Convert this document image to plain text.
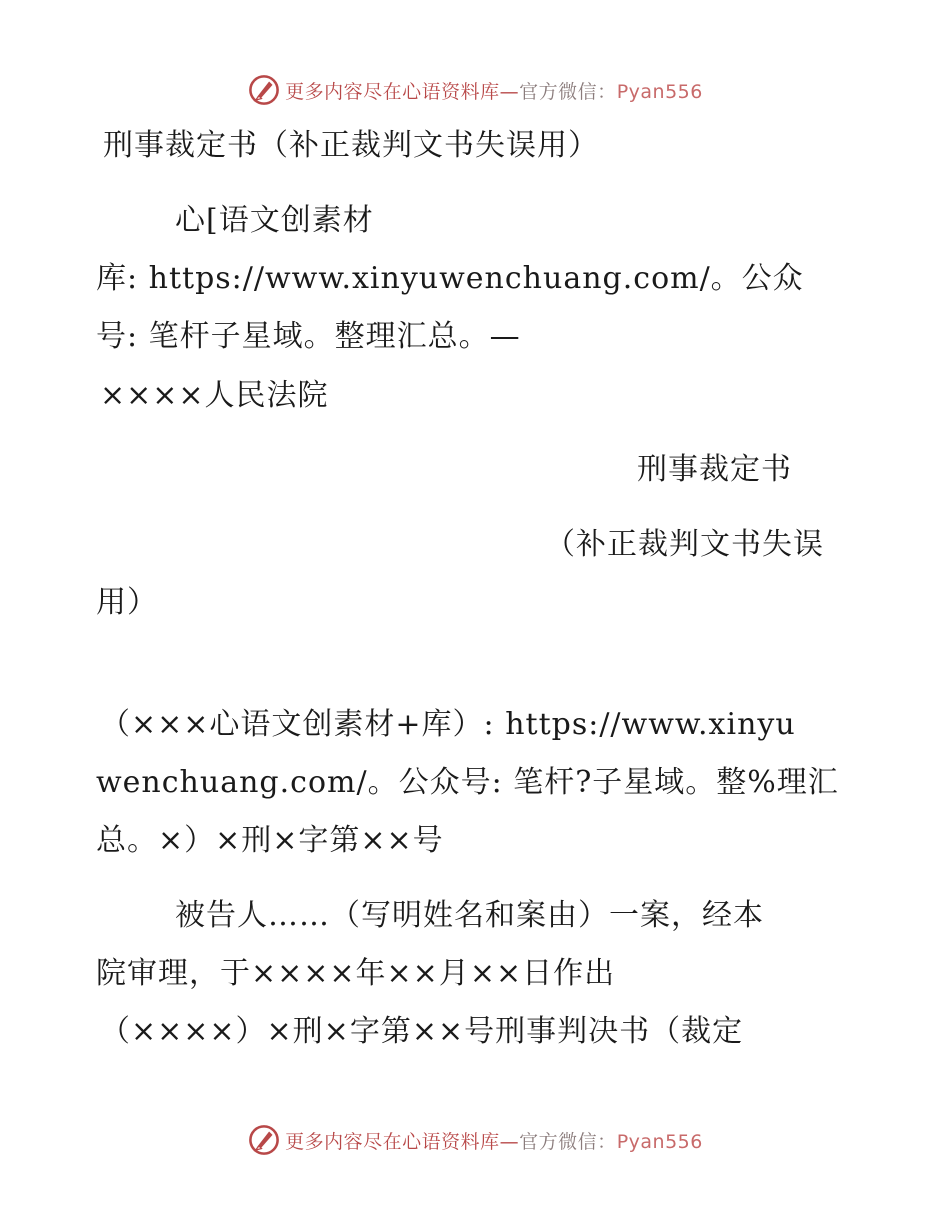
更多内容尽在心语资料库—官方微信：Pyan556
刑事裁定书（补正裁判文书失误用）
心[语文创素材
库: https://www.xinyuwenchuang.com/。公众
号: 笔杆子星域。整理汇总。—
××××人民法院
刑事裁定书
（补正裁判文书失误
用）
（×××心语文创素材+库）: https://www.xinyu
wenchuang.com/。公众号: 笔杆?子星域。整%理汇
总。×）×刑×字第××号
被告人……（写明姓名和案由）一案，经本
院审理，于××××年××月××日作出
（××××）×刑×字第××号刑事判决书（裁定
更多内容尽在心语资料库—官方微信：Pyan556
